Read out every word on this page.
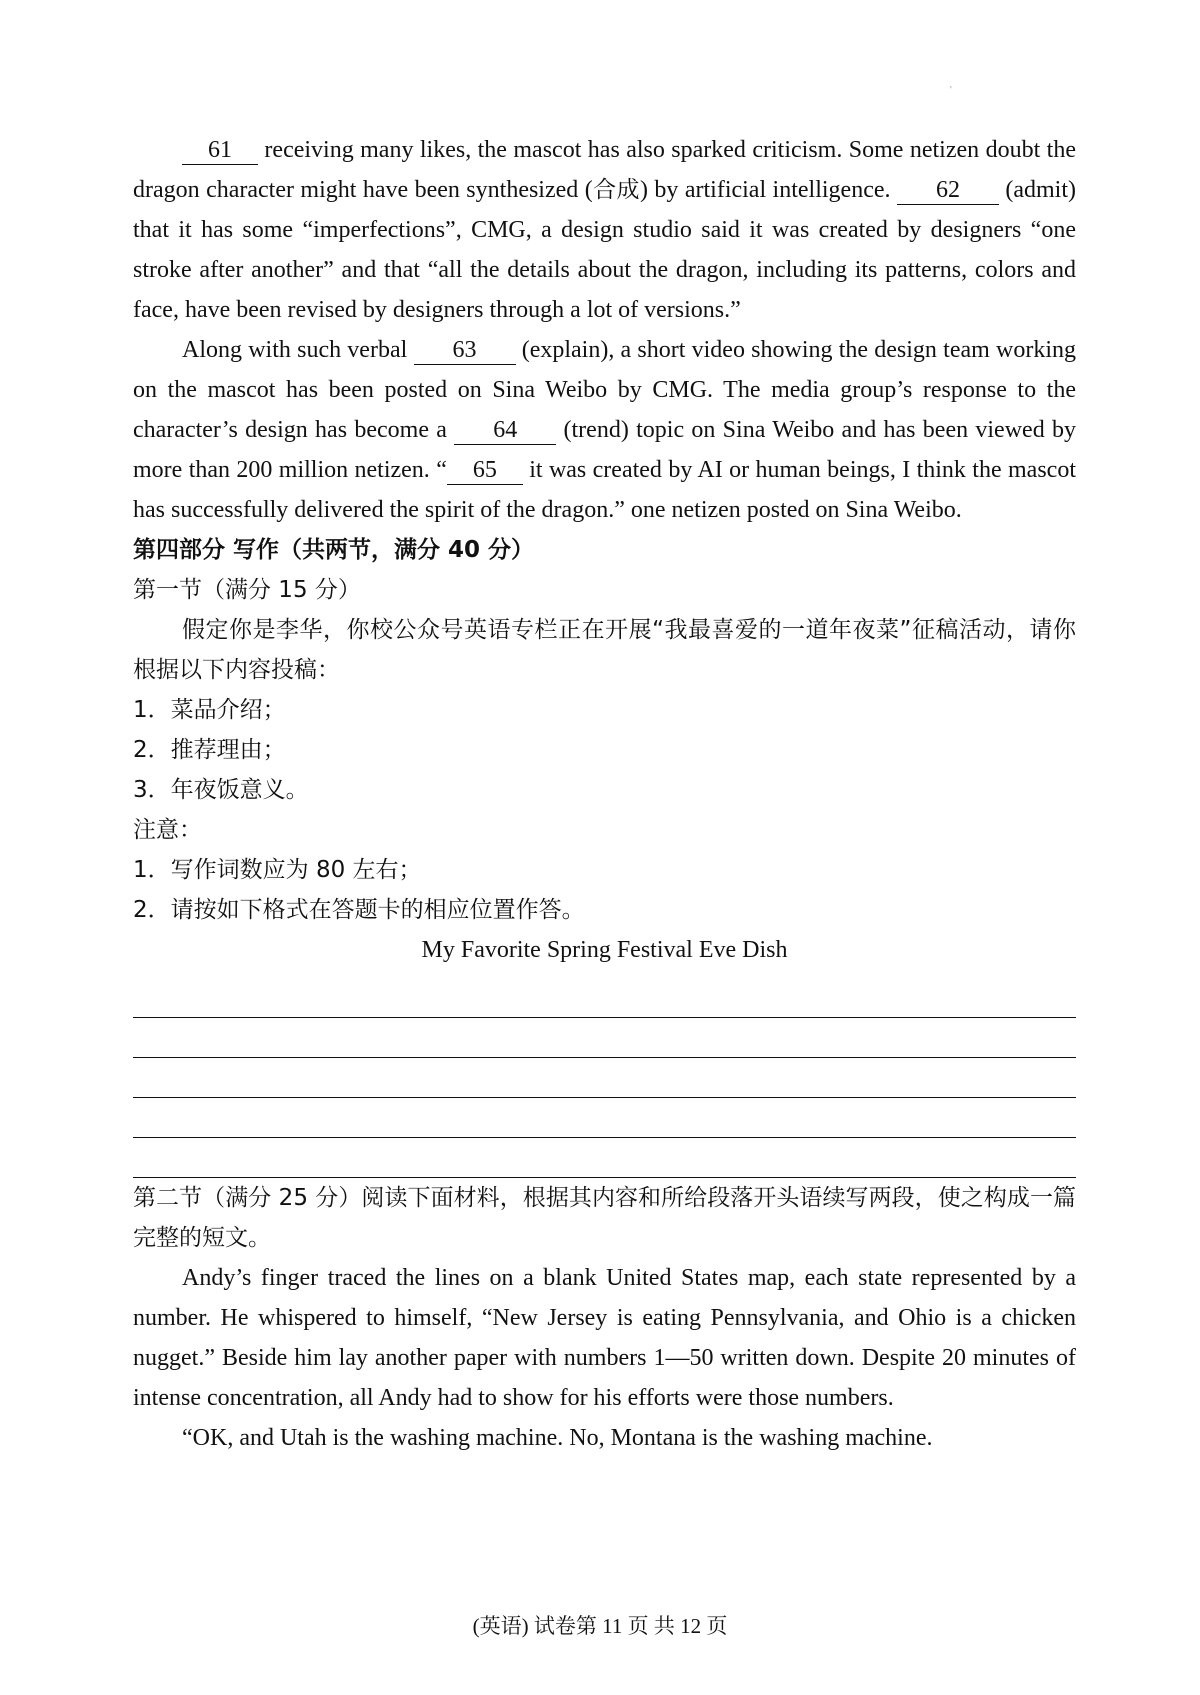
'

61 receiving many likes, the mascot has also sparked criticism. Some netizen doubt the dragon character might have been synthesized (合成) by artificial intelligence. 62 (admit) that it has some “imperfections”, CMG, a design studio said it was created by designers “one stroke after another” and that “all the details about the dragon, including its patterns, colors and face, have been revised by designers through a lot of versions.”

Along with such verbal 63 (explain), a short video showing the design team working on the mascot has been posted on Sina Weibo by CMG. The media group’s response to the character’s design has become a 64 (trend) topic on Sina Weibo and has been viewed by more than 200 million netizen. “ 65 it was created by AI or human beings, I think the mascot has successfully delivered the spirit of the dragon.” one netizen posted on Sina Weibo.

第四部分 写作（共两节，满分 40 分）

第一节（满分 15 分）

假定你是李华，你校公众号英语专栏正在开展“我最喜爱的一道年夜菜”征稿活动，请你根据以下内容投稿：

1．菜品介绍；

2．推荐理由；

3．年夜饭意义。

注意：

1．写作词数应为 80 左右；

2．请按如下格式在答题卡的相应位置作答。

My Favorite Spring Festival Eve Dish

第二节（满分 25 分）阅读下面材料，根据其内容和所给段落开头语续写两段，使之构成一篇完整的短文。

Andy’s finger traced the lines on a blank United States map, each state represented by a number. He whispered to himself, “New Jersey is eating Pennsylvania, and Ohio is a chicken nugget.” Beside him lay another paper with numbers 1—50 written down. Despite 20 minutes of intense concentration, all Andy had to show for his efforts were those numbers.

“OK, and Utah is the washing machine. No, Montana is the washing machine.

(英语) 试卷第 11 页 共 12 页
